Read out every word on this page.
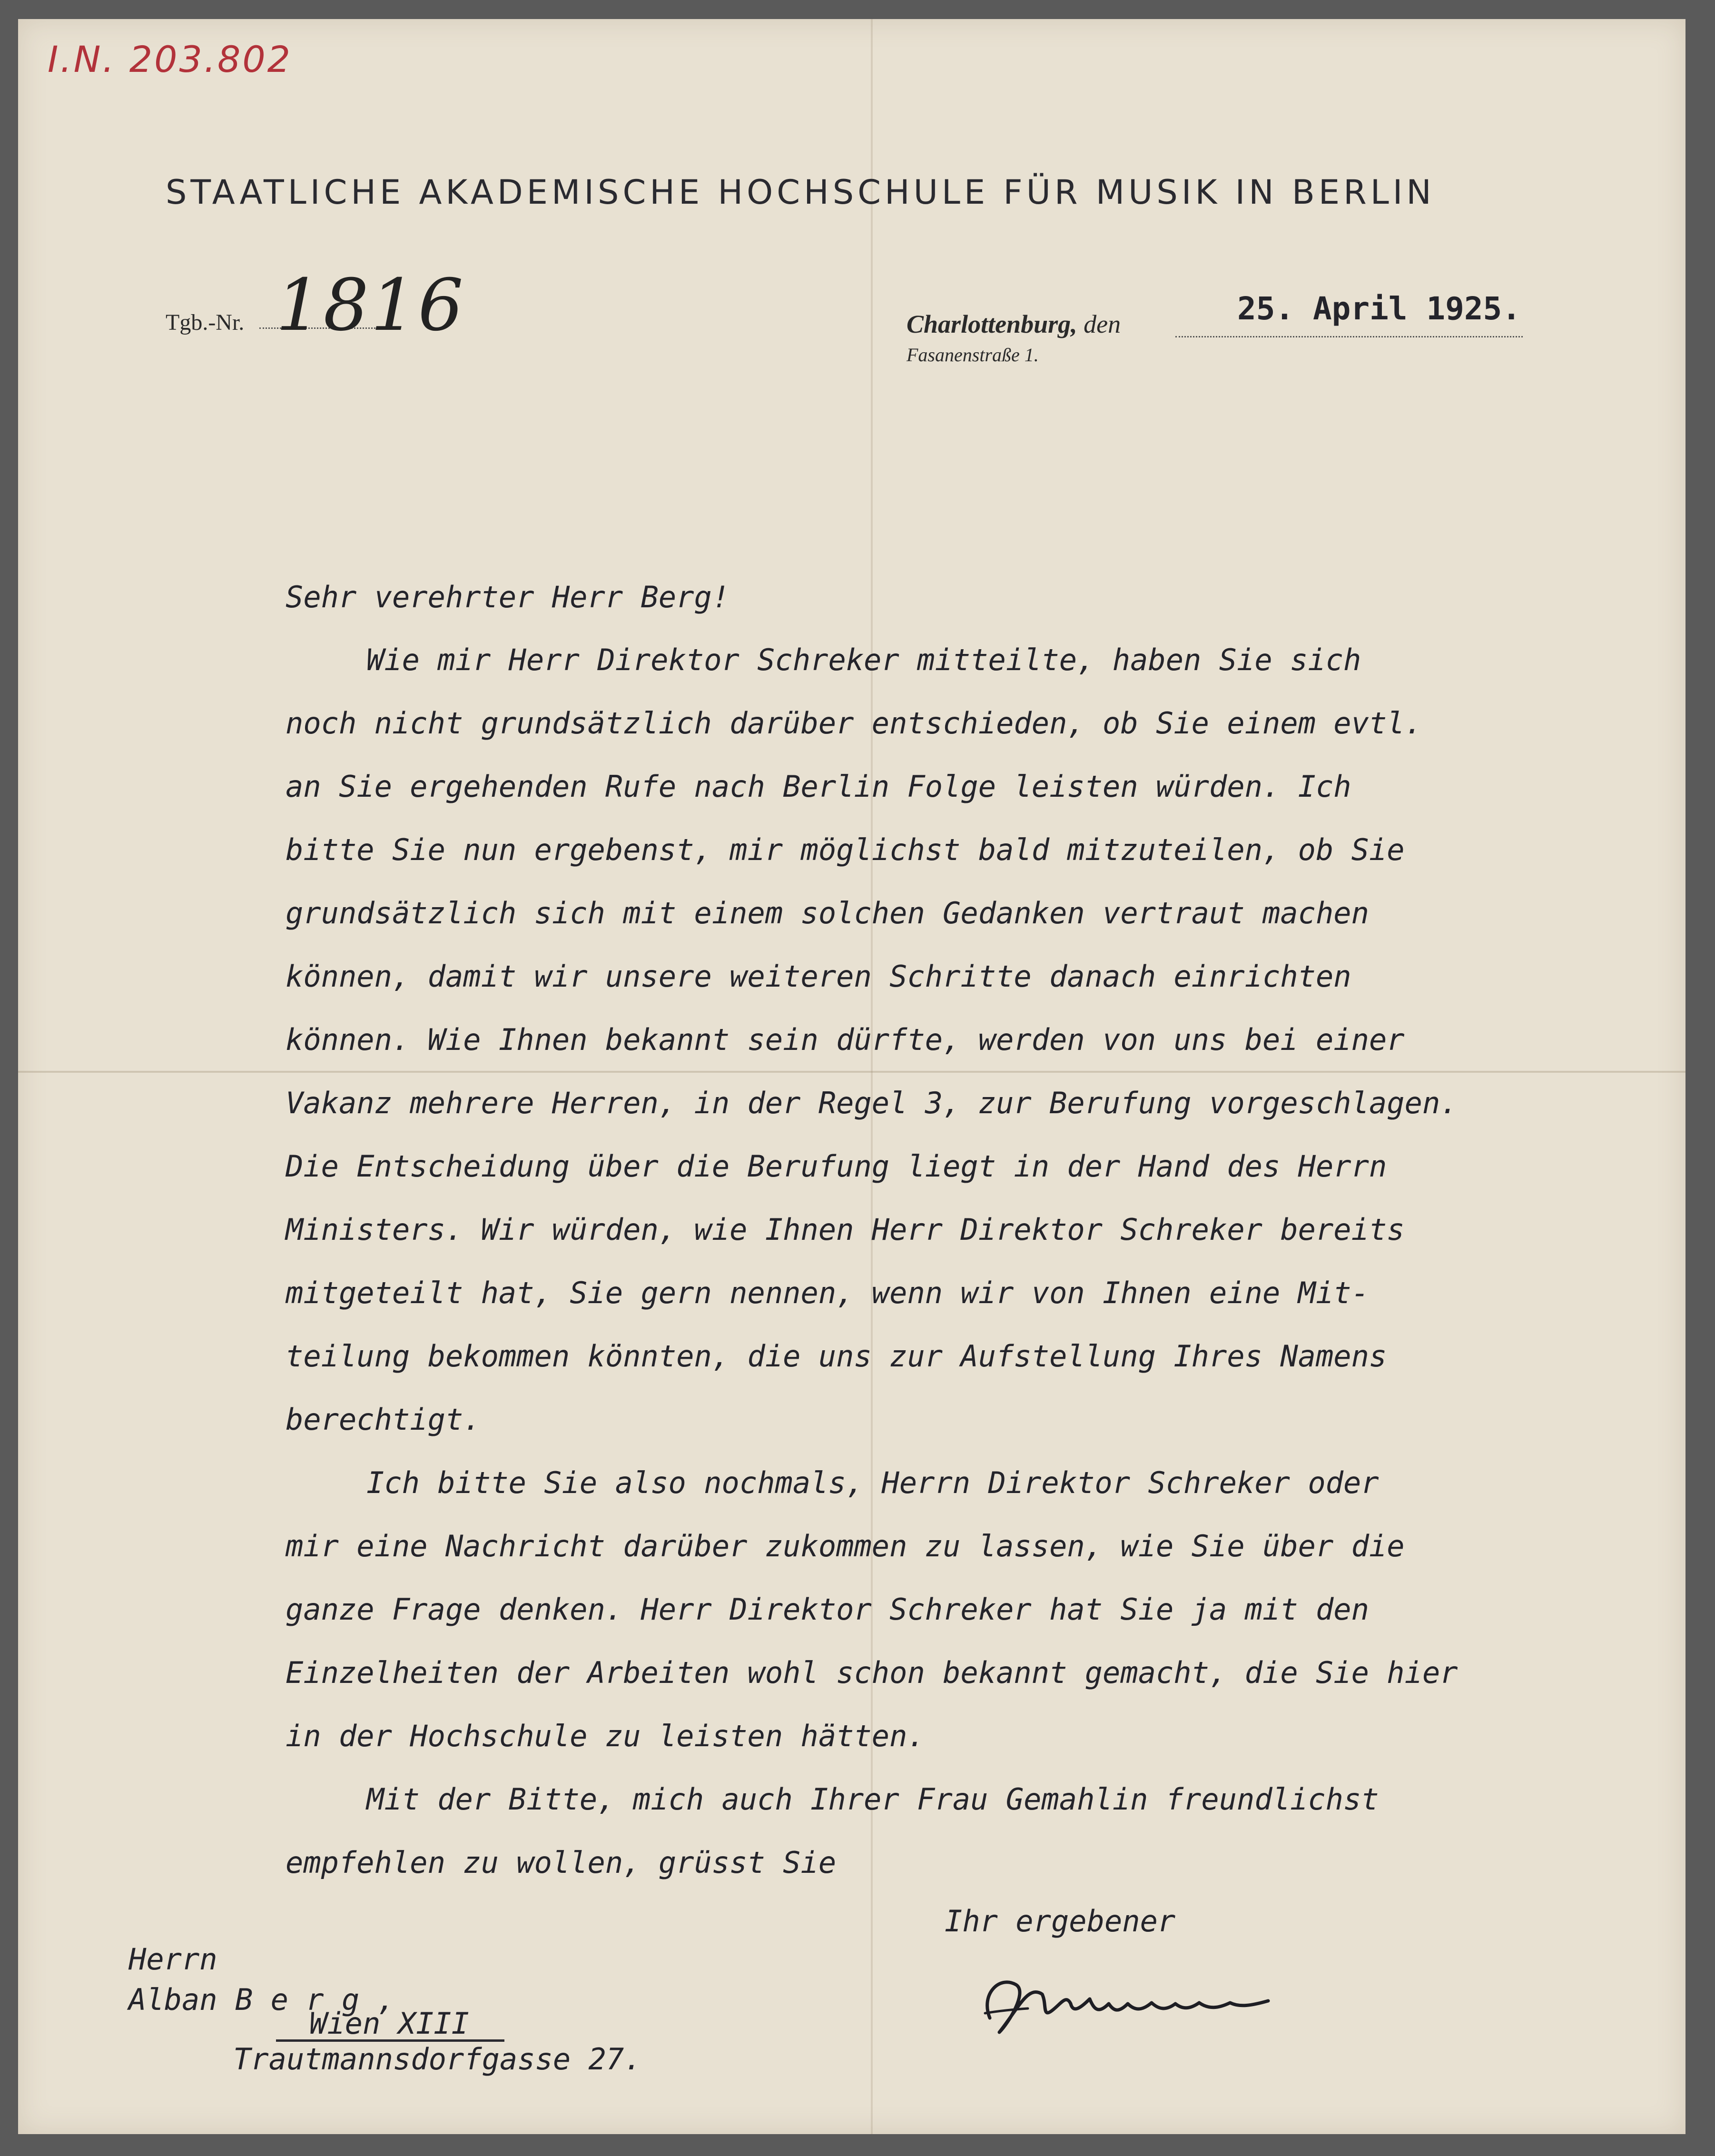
I.N. 203.802
STAATLICHE AKADEMISCHE HOCHSCHULE FÜR MUSIK IN BERLIN
Tgb.-Nr. 1816	Charlottenburg, den	25. April 1925.
Fasanenstraße 1.
Sehr verehrter Herr Berg!
Wie mir Herr Direktor Schreker mitteilte, haben Sie sich
noch nicht grundsätzlich darüber entschieden, ob Sie einem evtl.
an Sie ergehenden Rufe nach Berlin Folge leisten würden. Ich
bitte Sie nun ergebenst, mir möglichst bald mitzuteilen, ob Sie
grundsätzlich sich mit einem solchen Gedanken vertraut machen
können, damit wir unsere weiteren Schritte danach einrichten
können. Wie Ihnen bekannt sein dürfte, werden von uns bei einer
Vakanz mehrere Herren, in der Regel 3, zur Berufung vorgeschlagen.
Die Entscheidung über die Berufung liegt in der Hand des Herrn
Ministers. Wir würden, wie Ihnen Herr Direktor Schreker bereits
mitgeteilt hat, Sie gern nennen, wenn wir von Ihnen eine Mit-
teilung bekommen könnten, die uns zur Aufstellung Ihres Namens
berechtigt.
Ich bitte Sie also nochmals, Herrn Direktor Schreker oder
mir eine Nachricht darüber zukommen zu lassen, wie Sie über die
ganze Frage denken. Herr Direktor Schreker hat Sie ja mit den
Einzelheiten der Arbeiten wohl schon bekannt gemacht, die Sie hier
in der Hochschule zu leisten hätten.
Mit der Bitte, mich auch Ihrer Frau Gemahlin freundlichst
empfehlen zu wollen, grüsst Sie
Ihr ergebener
Herrn
Alban B e r g ,
Wien XIII
Trautmannsdorfgasse 27.
